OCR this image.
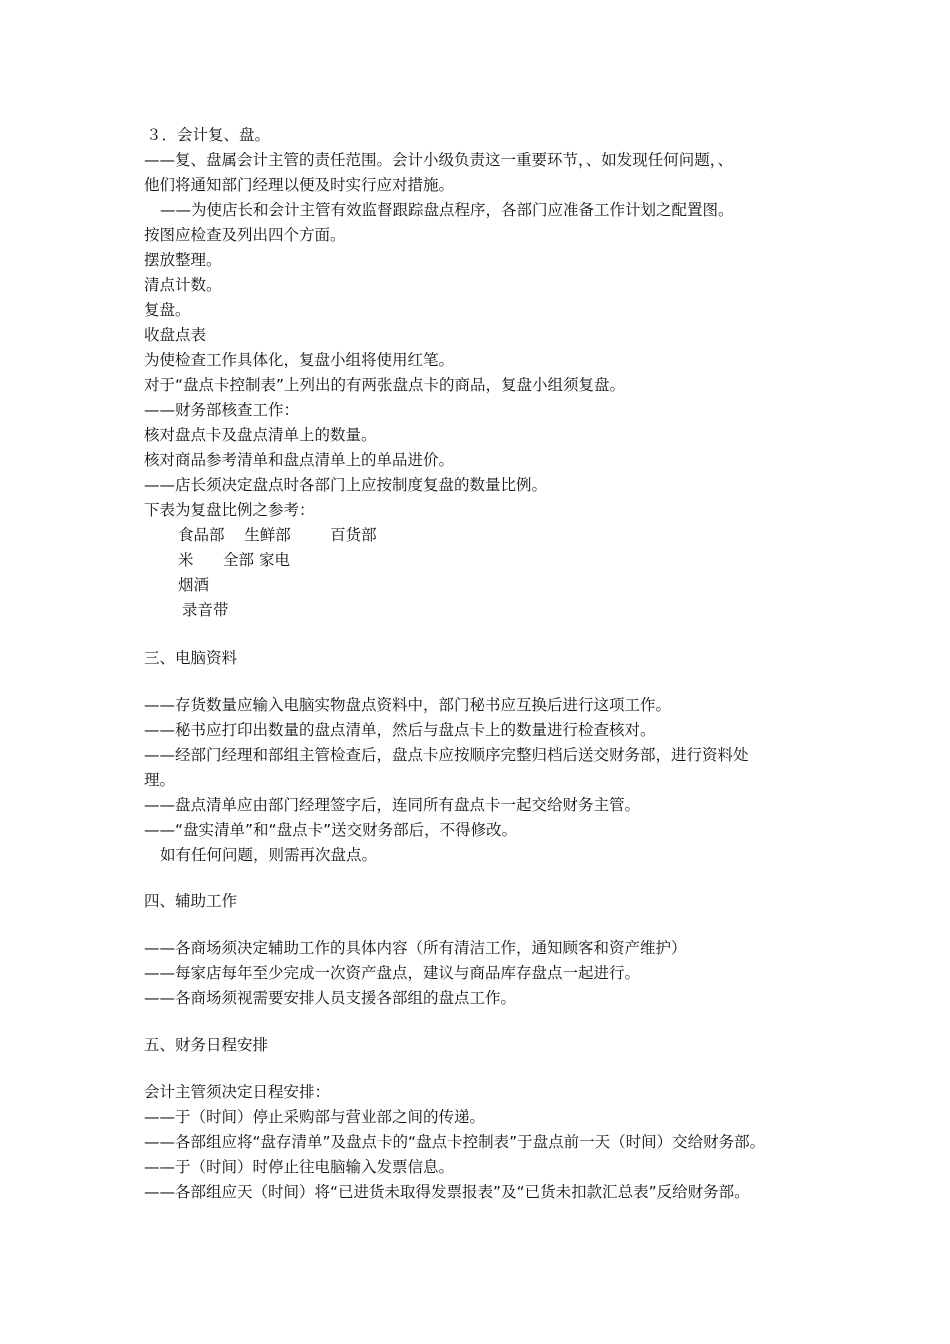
３．会计复、盘。
——复、盘属会计主管的责任范围。会计小级负责这一重要环节，、如发现任何问题，、
他们将通知部门经理以便及时实行应对措施。
——为使店长和会计主管有效监督跟踪盘点程序，各部门应准备工作计划之配置图。
按图应检查及列出四个方面。
摆放整理。
清点计数。
复盘。
收盘点表
为使检查工作具体化，复盘小组将使用红笔。
对于“盘点卡控制表”上列出的有两张盘点卡的商品，复盘小组须复盘。
——财务部核查工作：
核对盘点卡及盘点清单上的数量。
核对商品参考清单和盘点清单上的单品进价。
——店长须决定盘点时各部门上应按制度复盘的数量比例。
下表为复盘比例之参考：
食品部    生鲜部        百货部
米      全部 家电
烟酒
录音带
三、电脑资料
——存货数量应输入电脑实物盘点资料中，部门秘书应互换后进行这项工作。
——秘书应打印出数量的盘点清单，然后与盘点卡上的数量进行检查核对。
——经部门经理和部组主管检查后，盘点卡应按顺序完整归档后送交财务部，进行资料处
理。
——盘点清单应由部门经理签字后，连同所有盘点卡一起交给财务主管。
——“盘实清单”和“盘点卡”送交财务部后，不得修改。
如有任何问题，则需再次盘点。
四、辅助工作
——各商场须决定辅助工作的具体内容（所有清洁工作，通知顾客和资产维护）
——每家店每年至少完成一次资产盘点，建议与商品库存盘点一起进行。
——各商场须视需要安排人员支援各部组的盘点工作。
五、财务日程安排
会计主管须决定日程安排：
——于（时间）停止采购部与营业部之间的传递。
——各部组应将“盘存清单”及盘点卡的“盘点卡控制表”于盘点前一天（时间）交给财务部。
——于（时间）时停止往电脑输入发票信息。
——各部组应天（时间）将“已进货未取得发票报表”及“已货未扣款汇总表”反给财务部。
